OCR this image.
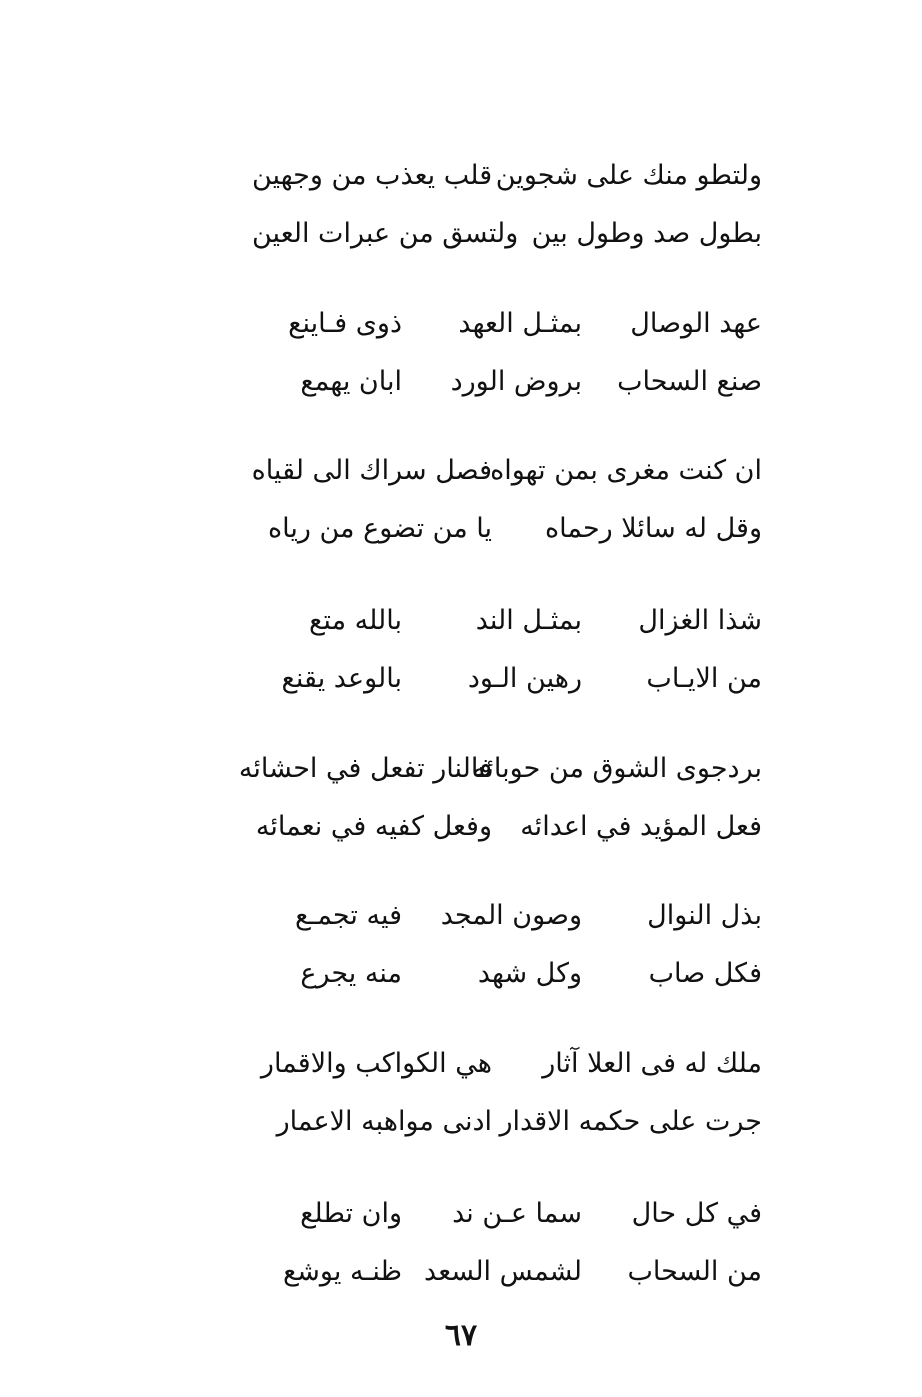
ولتطو منك على شجوين
قلب يعذب من وجهين
بطول صد وطول بين
ولتسق من عبرات العين
عهد الوصال
بمثـل العهد
ذوى فـاينع
صنع السحاب
بروض الورد
ابان يهمع
ان كنت مغرى بمن تهواه
فصل سراك الى لقياه
وقل له سائلا رحماه
يا من تضوع من رياه
شذا الغزال
بمثـل الند
بالله متع
من الايـاب
رهين الـود
بالوعد يقنع
بردجوى الشوق من حوبائه
فالنار تفعل في احشائه
فعل المؤيد في اعدائه
وفعل كفيه في نعمائه
بذل النوال
وصون المجد
فيه تجمـع
فكل صاب
وكل شهد
منه يجرع
ملك له فى العلا آثار
هي الكواكب والاقمار
جرت على حكمه الاقدار
ادنى مواهبه الاعمار
في كل حال
سما عـن ند
وان تطلع
من السحاب
لشمس السعد
ظنـه يوشع
٦٧
